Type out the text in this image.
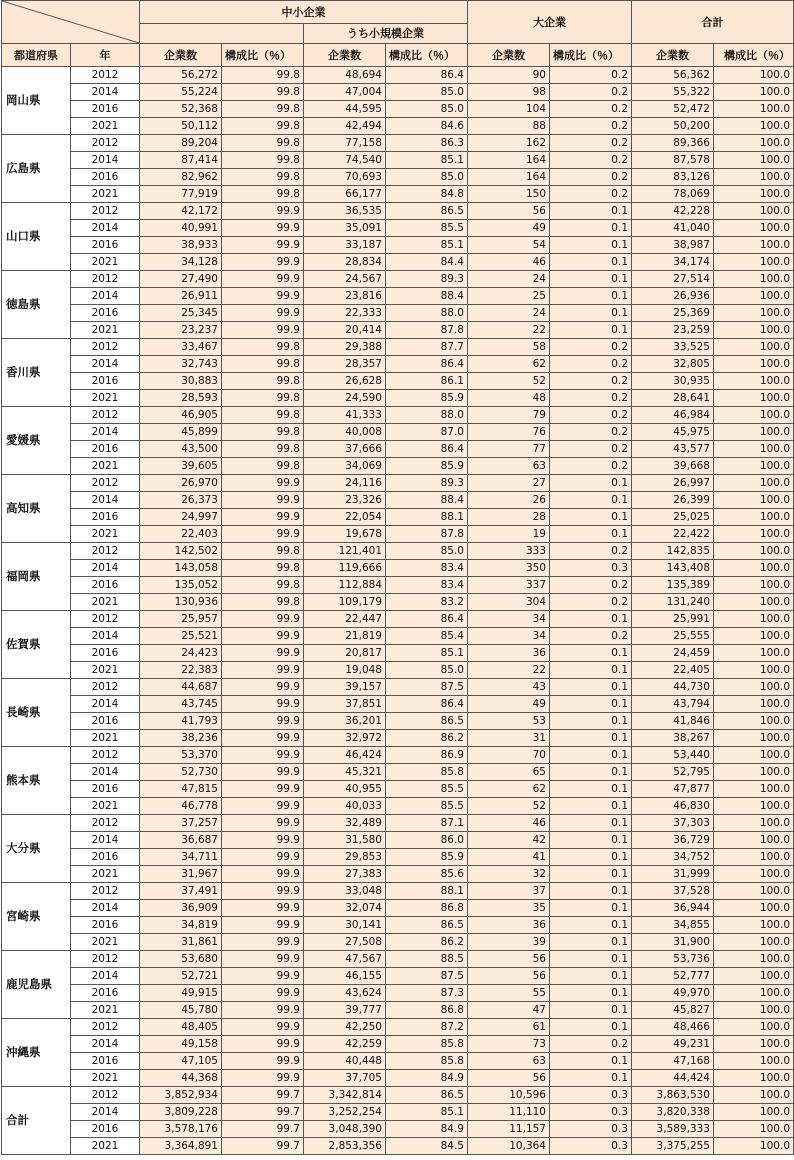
	中小企業				大企業		合計	
				うち小規模企業					
都道府県	年	企業数	構成比（％）	企業数	構成比（％）	企業数	構成比（％）	企業数	構成比（％）
岡山県	2012	56,272	99.8	48,694	86.4	90	0.2	56,362	100.0
	2014	55,224	99.8	47,004	85.0	98	0.2	55,322	100.0
	2016	52,368	99.8	44,595	85.0	104	0.2	52,472	100.0
	2021	50,112	99.8	42,494	84.6	88	0.2	50,200	100.0
広島県	2012	89,204	99.8	77,158	86.3	162	0.2	89,366	100.0
	2014	87,414	99.8	74,540	85.1	164	0.2	87,578	100.0
	2016	82,962	99.8	70,693	85.0	164	0.2	83,126	100.0
	2021	77,919	99.8	66,177	84.8	150	0.2	78,069	100.0
山口県	2012	42,172	99.9	36,535	86.5	56	0.1	42,228	100.0
	2014	40,991	99.9	35,091	85.5	49	0.1	41,040	100.0
	2016	38,933	99.9	33,187	85.1	54	0.1	38,987	100.0
	2021	34,128	99.9	28,834	84.4	46	0.1	34,174	100.0
徳島県	2012	27,490	99.9	24,567	89.3	24	0.1	27,514	100.0
	2014	26,911	99.9	23,816	88.4	25	0.1	26,936	100.0
	2016	25,345	99.9	22,333	88.0	24	0.1	25,369	100.0
	2021	23,237	99.9	20,414	87.8	22	0.1	23,259	100.0
香川県	2012	33,467	99.8	29,388	87.7	58	0.2	33,525	100.0
	2014	32,743	99.8	28,357	86.4	62	0.2	32,805	100.0
	2016	30,883	99.8	26,628	86.1	52	0.2	30,935	100.0
	2021	28,593	99.8	24,590	85.9	48	0.2	28,641	100.0
愛媛県	2012	46,905	99.8	41,333	88.0	79	0.2	46,984	100.0
	2014	45,899	99.8	40,008	87.0	76	0.2	45,975	100.0
	2016	43,500	99.8	37,666	86.4	77	0.2	43,577	100.0
	2021	39,605	99.8	34,069	85.9	63	0.2	39,668	100.0
高知県	2012	26,970	99.9	24,116	89.3	27	0.1	26,997	100.0
	2014	26,373	99.9	23,326	88.4	26	0.1	26,399	100.0
	2016	24,997	99.9	22,054	88.1	28	0.1	25,025	100.0
	2021	22,403	99.9	19,678	87.8	19	0.1	22,422	100.0
福岡県	2012	142,502	99.8	121,401	85.0	333	0.2	142,835	100.0
	2014	143,058	99.8	119,666	83.4	350	0.3	143,408	100.0
	2016	135,052	99.8	112,884	83.4	337	0.2	135,389	100.0
	2021	130,936	99.8	109,179	83.2	304	0.2	131,240	100.0
佐賀県	2012	25,957	99.9	22,447	86.4	34	0.1	25,991	100.0
	2014	25,521	99.9	21,819	85.4	34	0.2	25,555	100.0
	2016	24,423	99.9	20,817	85.1	36	0.1	24,459	100.0
	2021	22,383	99.9	19,048	85.0	22	0.1	22,405	100.0
長崎県	2012	44,687	99.9	39,157	87.5	43	0.1	44,730	100.0
	2014	43,745	99.9	37,851	86.4	49	0.1	43,794	100.0
	2016	41,793	99.9	36,201	86.5	53	0.1	41,846	100.0
	2021	38,236	99.9	32,972	86.2	31	0.1	38,267	100.0
熊本県	2012	53,370	99.9	46,424	86.9	70	0.1	53,440	100.0
	2014	52,730	99.9	45,321	85.8	65	0.1	52,795	100.0
	2016	47,815	99.9	40,955	85.5	62	0.1	47,877	100.0
	2021	46,778	99.9	40,033	85.5	52	0.1	46,830	100.0
大分県	2012	37,257	99.9	32,489	87.1	46	0.1	37,303	100.0
	2014	36,687	99.9	31,580	86.0	42	0.1	36,729	100.0
	2016	34,711	99.9	29,853	85.9	41	0.1	34,752	100.0
	2021	31,967	99.9	27,383	85.6	32	0.1	31,999	100.0
宮崎県	2012	37,491	99.9	33,048	88.1	37	0.1	37,528	100.0
	2014	36,909	99.9	32,074	86.8	35	0.1	36,944	100.0
	2016	34,819	99.9	30,141	86.5	36	0.1	34,855	100.0
	2021	31,861	99.9	27,508	86.2	39	0.1	31,900	100.0
鹿児島県	2012	53,680	99.9	47,567	88.5	56	0.1	53,736	100.0
	2014	52,721	99.9	46,155	87.5	56	0.1	52,777	100.0
	2016	49,915	99.9	43,624	87.3	55	0.1	49,970	100.0
	2021	45,780	99.9	39,777	86.8	47	0.1	45,827	100.0
沖縄県	2012	48,405	99.9	42,250	87.2	61	0.1	48,466	100.0
	2014	49,158	99.9	42,259	85.8	73	0.2	49,231	100.0
	2016	47,105	99.9	40,448	85.8	63	0.1	47,168	100.0
	2021	44,368	99.9	37,705	84.9	56	0.1	44,424	100.0
合計	2012	3,852,934	99.7	3,342,814	86.5	10,596	0.3	3,863,530	100.0
	2014	3,809,228	99.7	3,252,254	85.1	11,110	0.3	3,820,338	100.0
	2016	3,578,176	99.7	3,048,390	84.9	11,157	0.3	3,589,333	100.0
	2021	3,364,891	99.7	2,853,356	84.5	10,364	0.3	3,375,255	100.0
